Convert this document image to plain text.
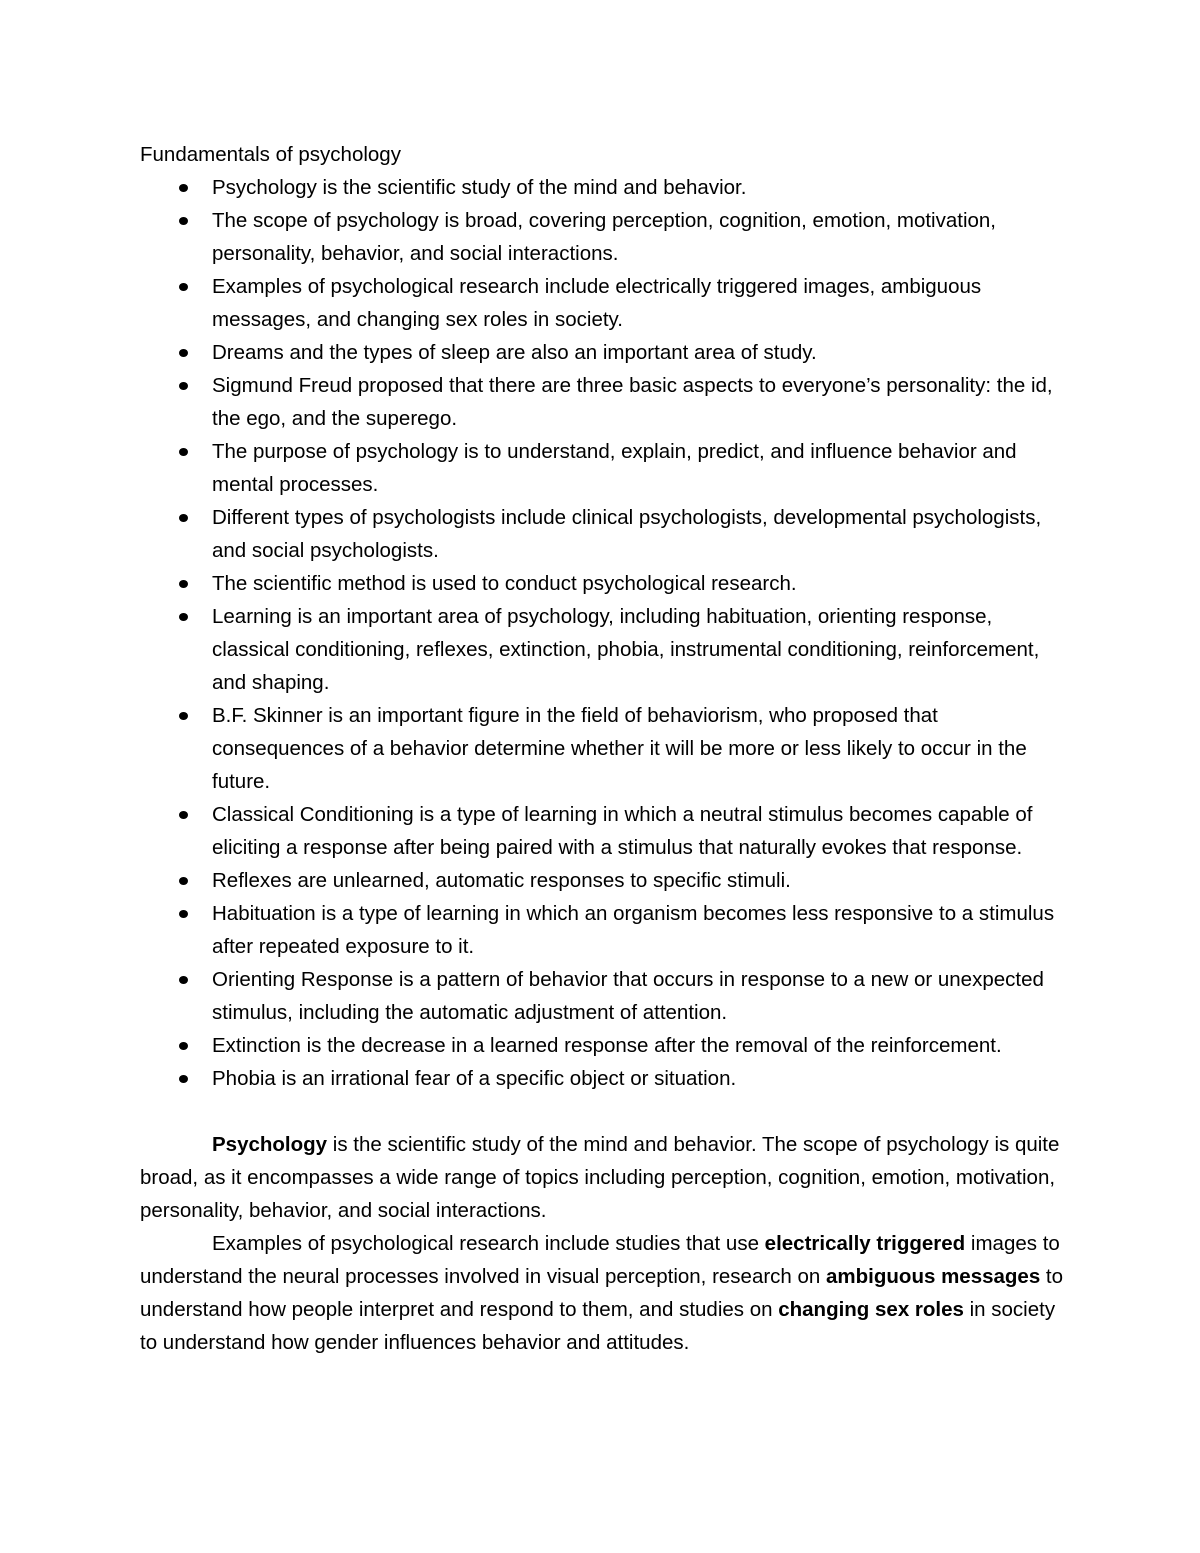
Fundamentals of psychology
Psychology is the scientific study of the mind and behavior.
The scope of psychology is broad, covering perception, cognition, emotion, motivation, personality, behavior, and social interactions.
Examples of psychological research include electrically triggered images, ambiguous messages, and changing sex roles in society.
Dreams and the types of sleep are also an important area of study.
Sigmund Freud proposed that there are three basic aspects to everyone’s personality: the id, the ego, and the superego.
The purpose of psychology is to understand, explain, predict, and influence behavior and mental processes.
Different types of psychologists include clinical psychologists, developmental psychologists, and social psychologists.
The scientific method is used to conduct psychological research.
Learning is an important area of psychology, including habituation, orienting response, classical conditioning, reflexes, extinction, phobia, instrumental conditioning, reinforcement, and shaping.
B.F. Skinner is an important figure in the field of behaviorism, who proposed that consequences of a behavior determine whether it will be more or less likely to occur in the future.
Classical Conditioning is a type of learning in which a neutral stimulus becomes capable of eliciting a response after being paired with a stimulus that naturally evokes that response.
Reflexes are unlearned, automatic responses to specific stimuli.
Habituation is a type of learning in which an organism becomes less responsive to a stimulus after repeated exposure to it.
Orienting Response is a pattern of behavior that occurs in response to a new or unexpected stimulus, including the automatic adjustment of attention.
Extinction is the decrease in a learned response after the removal of the reinforcement.
Phobia is an irrational fear of a specific object or situation.

Psychology is the scientific study of the mind and behavior. The scope of psychology is quite broad, as it encompasses a wide range of topics including perception, cognition, emotion, motivation, personality, behavior, and social interactions.

Examples of psychological research include studies that use electrically triggered images to understand the neural processes involved in visual perception, research on ambiguous messages to understand how people interpret and respond to them, and studies on changing sex roles in society to understand how gender influences behavior and attitudes.
